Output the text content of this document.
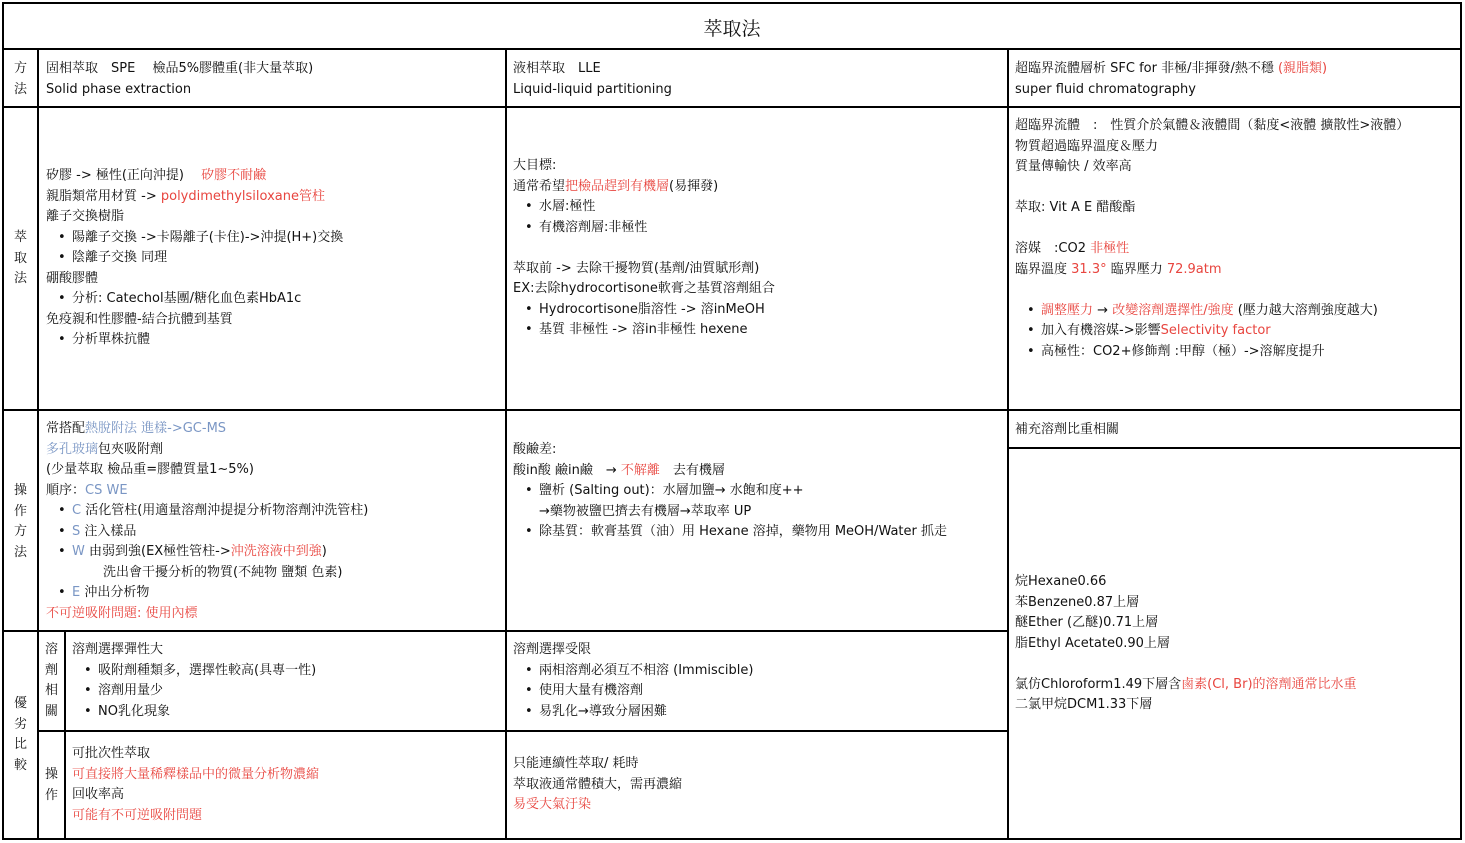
萃取法
方法
固相萃取　SPE　 檢品5%膠體重(非大量萃取)
Solid phase extraction
液相萃取　LLE
Liquid-liquid partitioning
超臨界流體層析 SFC for 非極/非揮發/熱不穩 (親脂類)
super fluid chromatography
萃取法
矽膠 -> 極性(正向沖提)　 矽膠不耐鹼
親脂類常用材質 -> polydimethylsiloxane管柱
離子交換樹脂
• 陽離子交換 ->卡陽離子(卡住)->沖提(H+)交換
• 陰離子交換 同理
硼酸膠體
• 分析: Catechol基團/糖化血色素HbA1c
免疫親和性膠體-結合抗體到基質
• 分析單株抗體
大目標:
通常希望把檢品趕到有機層(易揮發)
• 水層:極性
• 有機溶劑層:非極性
萃取前 -> 去除干擾物質(基劑/油質賦形劑)
EX:去除hydrocortisone軟膏之基質溶劑組合
• Hydrocortisone脂溶性 -> 溶inMeOH
• 基質 非極性 -> 溶in非極性 hexene
超臨界流體　:　性質介於氣體＆液體間（黏度<液體 擴散性>液體）
物質超過臨界溫度＆壓力
質量傳輸快 / 效率高
萃取: Vit A E 醋酸酯
溶媒　:CO2 非極性
臨界溫度 31.3° 臨界壓力 72.9atm
• 調整壓力 → 改變溶劑選擇性/強度 (壓力越大溶劑強度越大)
• 加入有機溶媒->影響Selectivity factor
• 高極性：CO2+修飾劑 :甲醇（極）->溶解度提升
操作方法
常搭配熱脫附法 進樣->GC-MS
多孔玻璃包夾吸附劑
(少量萃取 檢品重=膠體質量1~5%)
順序：CS WE
• C 活化管柱(用適量溶劑沖提提分析物溶劑沖洗管柱)
• S 注入樣品
• W 由弱到強(EX極性管柱->沖洗溶液中到強)
洗出會干擾分析的物質(不純物 鹽類 色素)
• E 沖出分析物
不可逆吸附問題: 使用內標
酸鹼差:
酸in酸 鹼in鹼　→ 不解離　去有機層
• 鹽析 (Salting out)：水層加鹽→ 水飽和度++
→藥物被鹽巴擠去有機層→萃取率 UP
• 除基質：軟膏基質（油）用 Hexane 溶掉，藥物用 MeOH/Water 抓走
補充溶劑比重相關
烷Hexane0.66
苯Benzene0.87上層
醚Ether (乙醚)0.71上層
脂Ethyl Acetate0.90上層
氯仿Chloroform1.49下層含鹵素(Cl, Br)的溶劑通常比水重
二氯甲烷DCM1.33下層
優劣比較
溶劑相關
溶劑選擇彈性大
• 吸附劑種類多，選擇性較高(具專一性)
• 溶劑用量少
• NO乳化現象
溶劑選擇受限
• 兩相溶劑必須互不相溶 (Immiscible)
• 使用大量有機溶劑
• 易乳化→導致分層困難
操作
可批次性萃取
可直接將大量稀釋樣品中的微量分析物濃縮
回收率高
可能有不可逆吸附問題
只能連續性萃取/ 耗時
萃取液通常體積大，需再濃縮
易受大氣汙染
